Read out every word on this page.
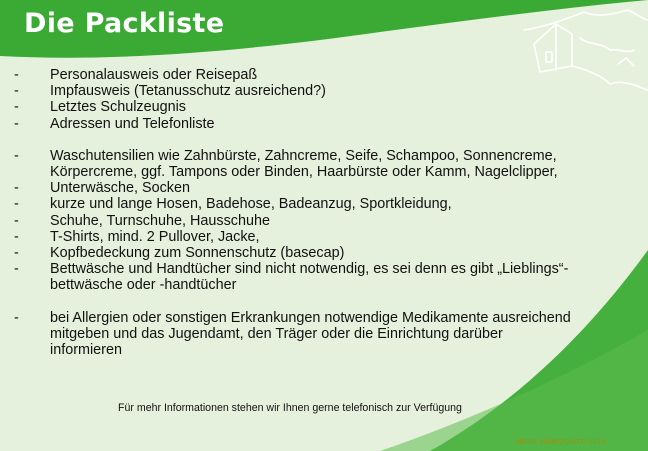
Die Packliste
-	Personalausweis oder Reisepaß
-	Impfausweis (Tetanusschutz ausreichend?)
-	Letztes Schulzeugnis
-	Adressen und Telefonliste
-	Waschutensilien wie Zahnbürste, Zahncreme, Seife, Schampoo, Sonnencreme, Körpercreme, ggf. Tampons oder Binden, Haarbürste oder Kamm, Nagelclipper,
-	Unterwäsche, Socken
-	kurze und lange Hosen, Badehose, Badeanzug, Sportkleidung,
-	Schuhe, Turnschuhe, Hausschuhe
-	T-Shirts, mind. 2 Pullover, Jacke,
-	Kopfbedeckung zum Sonnenschutz (basecap)
-	Bettwäsche und Handtücher sind nicht notwendig, es sei denn es gibt „Lieblings“-bettwäsche oder -handtücher
-	bei Allergien oder sonstigen Erkrankungen notwendige Medikamente ausreichend mitgeben und das Jugendamt, den Träger oder die Einrichtung darüber informieren

Für mehr Informationen stehen wir Ihnen gerne telefonisch zur Verfügung

NEUE HORIZONTE 2014
